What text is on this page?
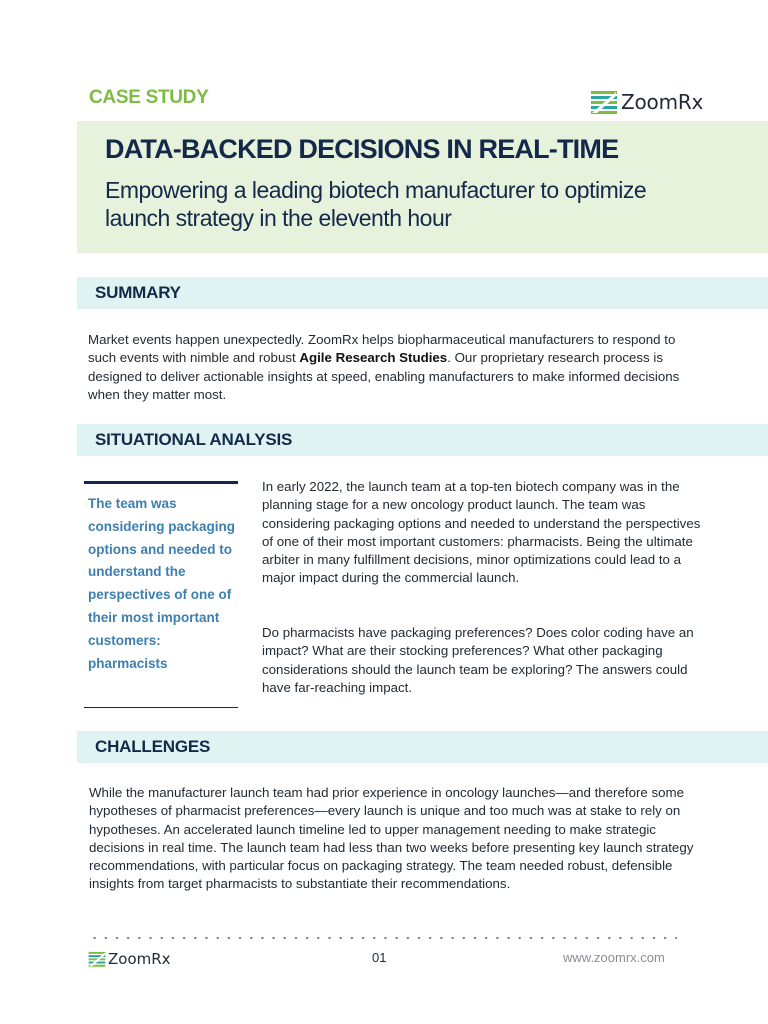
CASE STUDY	ZoomRx
DATA-BACKED DECISIONS IN REAL-TIME

Empowering a leading biotech manufacturer to optimize launch strategy in the eleventh hour

SUMMARY

Market events happen unexpectedly. ZoomRx helps biopharmaceutical manufacturers to respond to such events with nimble and robust Agile Research Studies. Our proprietary research process is designed to deliver actionable insights at speed, enabling manufacturers to make informed decisions when they matter most.

SITUATIONAL ANALYSIS

The team was considering packaging options and needed to understand the perspectives of one of their most important customers: pharmacists

In early 2022, the launch team at a top-ten biotech company was in the planning stage for a new oncology product launch. The team was considering packaging options and needed to understand the perspectives of one of their most important customers: pharmacists. Being the ultimate arbiter in many fulfillment decisions, minor optimizations could lead to a major impact during the commercial launch.

Do pharmacists have packaging preferences? Does color coding have an impact? What are their stocking preferences? What other packaging considerations should the launch team be exploring? The answers could have far-reaching impact.

CHALLENGES

While the manufacturer launch team had prior experience in oncology launches—and therefore some hypotheses of pharmacist preferences—every launch is unique and too much was at stake to rely on hypotheses. An accelerated launch timeline led to upper management needing to make strategic decisions in real time. The launch team had less than two weeks before presenting key launch strategy recommendations, with particular focus on packaging strategy. The team needed robust, defensible insights from target pharmacists to substantiate their recommendations.

ZoomRx	01	www.zoomrx.com
